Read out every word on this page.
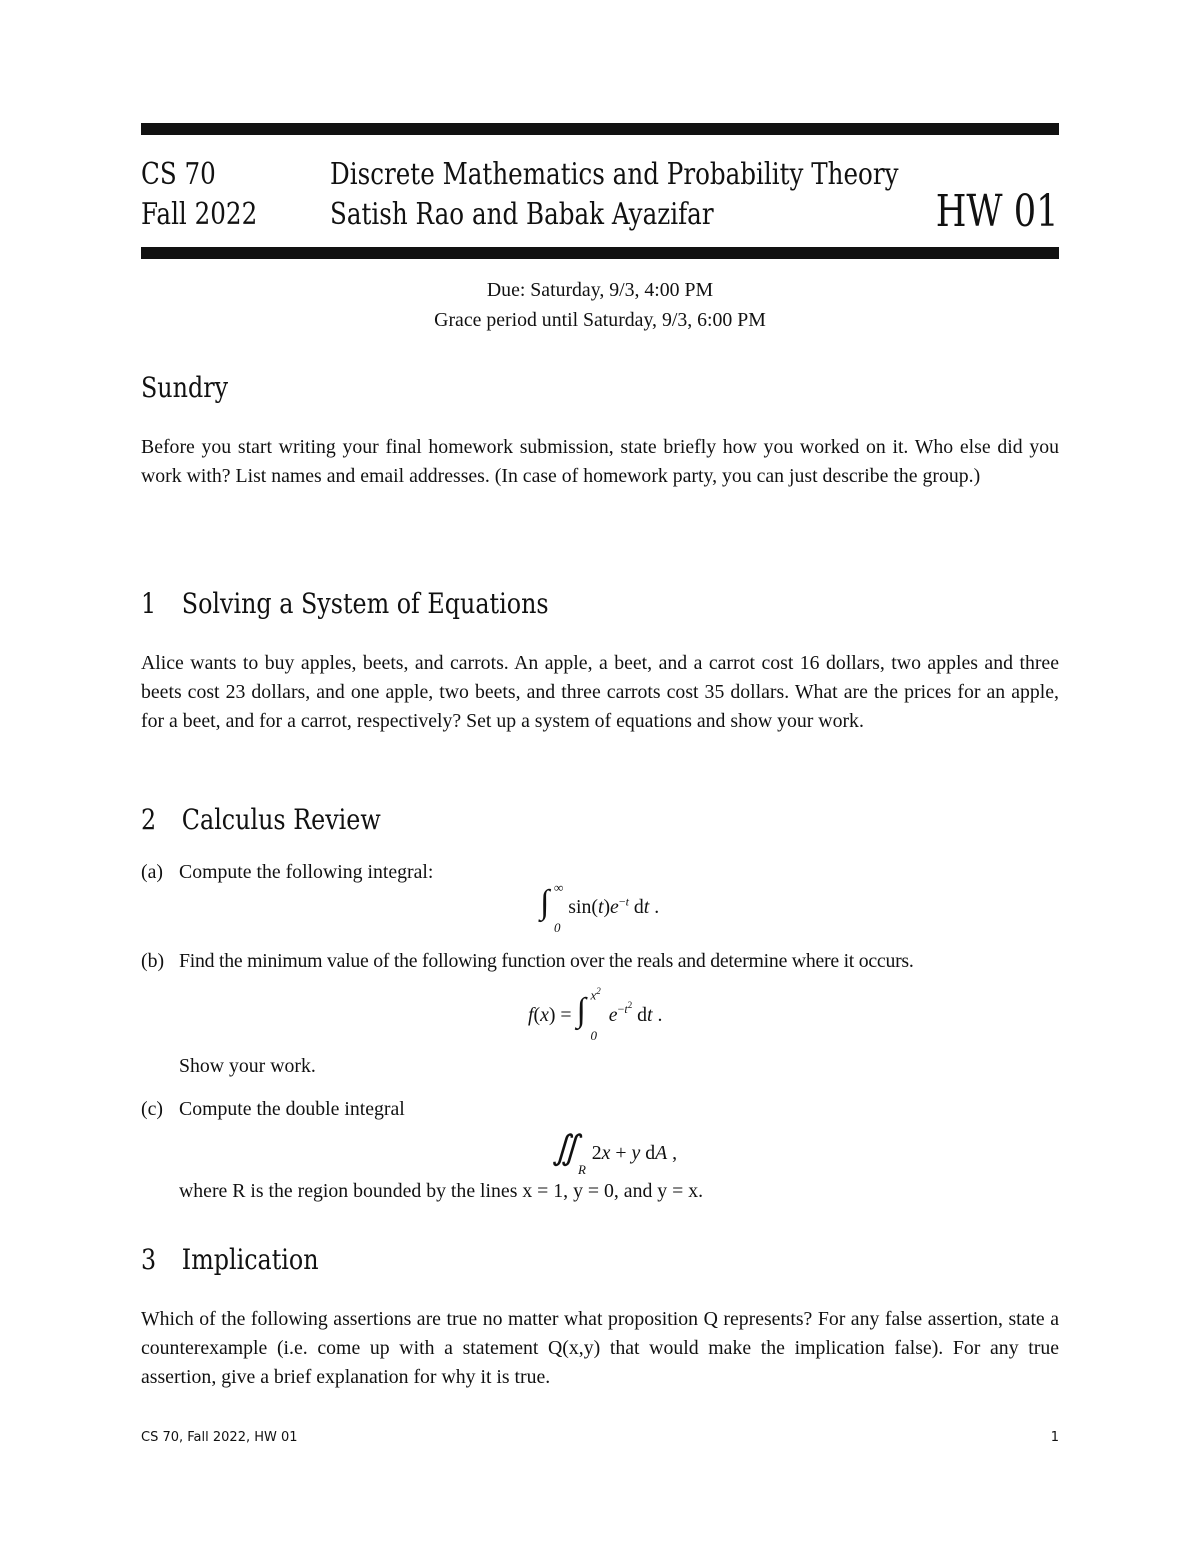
CS 70
Fall 2022
Discrete Mathematics and Probability Theory
Satish Rao and Babak Ayazifar	HW 01
Due: Saturday, 9/3, 4:00 PM
Grace period until Saturday, 9/3, 6:00 PM
Sundry
Before you start writing your final homework submission, state briefly how you worked on it. Who else did you work with? List names and email addresses. (In case of homework party, you can just describe the group.)
1 Solving a System of Equations
Alice wants to buy apples, beets, and carrots. An apple, a beet, and a carrot cost 16 dollars, two apples and three beets cost 23 dollars, and one apple, two beets, and three carrots cost 35 dollars. What are the prices for an apple, for a beet, and for a carrot, respectively? Set up a system of equations and show your work.
2 Calculus Review
(a) Compute the following integral:
∫ ∞
0
$\sin(t)e^{-t}$ dt .
(b) Find the minimum value of the following function over the reals and determine where it occurs.
f(x) = ∫ $x^2$
0
$e^{-t^2}$ dt .
Show your work.
(c) Compute the double integral
∬
R
2x + y dA ,
where R is the region bounded by the lines x = 1, y = 0, and y = x.
3 Implication
Which of the following assertions are true no matter what proposition Q represents? For any false assertion, state a counterexample (i.e. come up with a statement Q(x,y) that would make the implication false). For any true assertion, give a brief explanation for why it is true.
CS 70, Fall 2022, HW 01	1
